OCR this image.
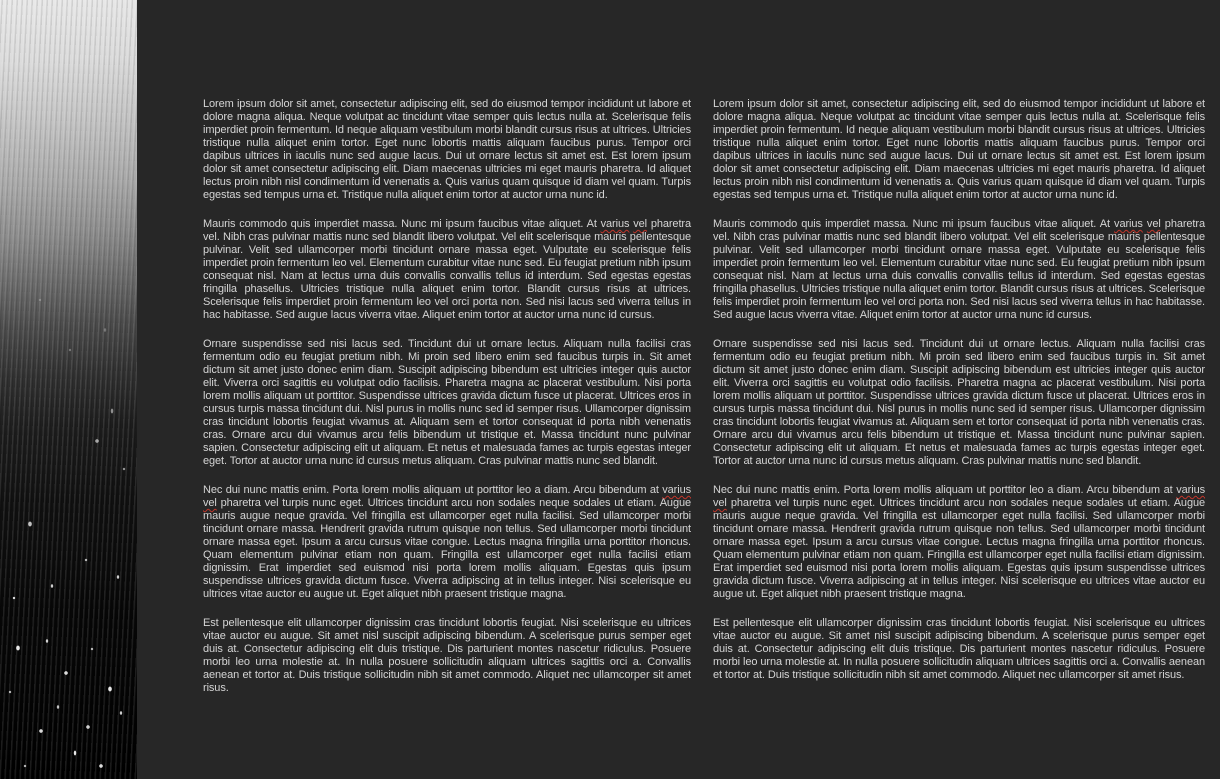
Lorem ipsum dolor sit amet, consectetur adipiscing elit, sed do eiusmod tempor incididunt ut labore et dolore magna aliqua. Neque volutpat ac tincidunt vitae semper quis lectus nulla at. Scelerisque felis imperdiet proin fermentum. Id neque aliquam vestibulum morbi blandit cursus risus at ultrices. Ultricies tristique nulla aliquet enim tortor. Eget nunc lobortis mattis aliquam faucibus purus. Tempor orci dapibus ultrices in iaculis nunc sed augue lacus. Dui ut ornare lectus sit amet est. Est lorem ipsum dolor sit amet consectetur adipiscing elit. Diam maecenas ultricies mi eget mauris pharetra. Id aliquet lectus proin nibh nisl condimentum id venenatis a. Quis varius quam quisque id diam vel quam. Turpis egestas sed tempus urna et. Tristique nulla aliquet enim tortor at auctor urna nunc id.

Mauris commodo quis imperdiet massa. Nunc mi ipsum faucibus vitae aliquet. At varius vel pharetra vel. Nibh cras pulvinar mattis nunc sed blandit libero volutpat. Vel elit scelerisque mauris pellentesque pulvinar. Velit sed ullamcorper morbi tincidunt ornare massa eget. Vulputate eu scelerisque felis imperdiet proin fermentum leo vel. Elementum curabitur vitae nunc sed. Eu feugiat pretium nibh ipsum consequat nisl. Nam at lectus urna duis convallis convallis tellus id interdum. Sed egestas egestas fringilla phasellus. Ultricies tristique nulla aliquet enim tortor. Blandit cursus risus at ultrices. Scelerisque felis imperdiet proin fermentum leo vel orci porta non. Sed nisi lacus sed viverra tellus in hac habitasse. Sed augue lacus viverra vitae. Aliquet enim tortor at auctor urna nunc id cursus.

Ornare suspendisse sed nisi lacus sed. Tincidunt dui ut ornare lectus. Aliquam nulla facilisi cras fermentum odio eu feugiat pretium nibh. Mi proin sed libero enim sed faucibus turpis in. Sit amet dictum sit amet justo donec enim diam. Suscipit adipiscing bibendum est ultricies integer quis auctor elit. Viverra orci sagittis eu volutpat odio facilisis. Pharetra magna ac placerat vestibulum. Nisi porta lorem mollis aliquam ut porttitor. Suspendisse ultrices gravida dictum fusce ut placerat. Ultrices eros in cursus turpis massa tincidunt dui. Nisl purus in mollis nunc sed id semper risus. Ullamcorper dignissim cras tincidunt lobortis feugiat vivamus at. Aliquam sem et tortor consequat id porta nibh venenatis cras. Ornare arcu dui vivamus arcu felis bibendum ut tristique et. Massa tincidunt nunc pulvinar sapien. Consectetur adipiscing elit ut aliquam. Et netus et malesuada fames ac turpis egestas integer eget. Tortor at auctor urna nunc id cursus metus aliquam. Cras pulvinar mattis nunc sed blandit.

Nec dui nunc mattis enim. Porta lorem mollis aliquam ut porttitor leo a diam. Arcu bibendum at varius vel pharetra vel turpis nunc eget. Ultrices tincidunt arcu non sodales neque sodales ut etiam. Augue mauris augue neque gravida. Vel fringilla est ullamcorper eget nulla facilisi. Sed ullamcorper morbi tincidunt ornare massa. Hendrerit gravida rutrum quisque non tellus. Sed ullamcorper morbi tincidunt ornare massa eget. Ipsum a arcu cursus vitae congue. Lectus magna fringilla urna porttitor rhoncus. Quam elementum pulvinar etiam non quam. Fringilla est ullamcorper eget nulla facilisi etiam dignissim. Erat imperdiet sed euismod nisi porta lorem mollis aliquam. Egestas quis ipsum suspendisse ultrices gravida dictum fusce. Viverra adipiscing at in tellus integer. Nisi scelerisque eu ultrices vitae auctor eu augue ut. Eget aliquet nibh praesent tristique magna.

Est pellentesque elit ullamcorper dignissim cras tincidunt lobortis feugiat. Nisi scelerisque eu ultrices vitae auctor eu augue. Sit amet nisl suscipit adipiscing bibendum. A scelerisque purus semper eget duis at. Consectetur adipiscing elit duis tristique. Dis parturient montes nascetur ridiculus. Posuere morbi leo urna molestie at. In nulla posuere sollicitudin aliquam ultrices sagittis orci a. Convallis aenean et tortor at. Duis tristique sollicitudin nibh sit amet commodo. Aliquet nec ullamcorper sit amet risus.

Lorem ipsum dolor sit amet, consectetur adipiscing elit, sed do eiusmod tempor incididunt ut labore et dolore magna aliqua. Neque volutpat ac tincidunt vitae semper quis lectus nulla at. Scelerisque felis imperdiet proin fermentum. Id neque aliquam vestibulum morbi blandit cursus risus at ultrices. Ultricies tristique nulla aliquet enim tortor. Eget nunc lobortis mattis aliquam faucibus purus. Tempor orci dapibus ultrices in iaculis nunc sed augue lacus. Dui ut ornare lectus sit amet est. Est lorem ipsum dolor sit amet consectetur adipiscing elit. Diam maecenas ultricies mi eget mauris pharetra. Id aliquet lectus proin nibh nisl condimentum id venenatis a. Quis varius quam quisque id diam vel quam. Turpis egestas sed tempus urna et. Tristique nulla aliquet enim tortor at auctor urna nunc id.

Mauris commodo quis imperdiet massa. Nunc mi ipsum faucibus vitae aliquet. At varius vel pharetra vel. Nibh cras pulvinar mattis nunc sed blandit libero volutpat. Vel elit scelerisque mauris pellentesque pulvinar. Velit sed ullamcorper morbi tincidunt ornare massa eget. Vulputate eu scelerisque felis imperdiet proin fermentum leo vel. Elementum curabitur vitae nunc sed. Eu feugiat pretium nibh ipsum consequat nisl. Nam at lectus urna duis convallis convallis tellus id interdum. Sed egestas egestas fringilla phasellus. Ultricies tristique nulla aliquet enim tortor. Blandit cursus risus at ultrices. Scelerisque felis imperdiet proin fermentum leo vel orci porta non. Sed nisi lacus sed viverra tellus in hac habitasse. Sed augue lacus viverra vitae. Aliquet enim tortor at auctor urna nunc id cursus.

Ornare suspendisse sed nisi lacus sed. Tincidunt dui ut ornare lectus. Aliquam nulla facilisi cras fermentum odio eu feugiat pretium nibh. Mi proin sed libero enim sed faucibus turpis in. Sit amet dictum sit amet justo donec enim diam. Suscipit adipiscing bibendum est ultricies integer quis auctor elit. Viverra orci sagittis eu volutpat odio facilisis. Pharetra magna ac placerat vestibulum. Nisi porta lorem mollis aliquam ut porttitor. Suspendisse ultrices gravida dictum fusce ut placerat. Ultrices eros in cursus turpis massa tincidunt dui. Nisl purus in mollis nunc sed id semper risus. Ullamcorper dignissim cras tincidunt lobortis feugiat vivamus at. Aliquam sem et tortor consequat id porta nibh venenatis cras. Ornare arcu dui vivamus arcu felis bibendum ut tristique et. Massa tincidunt nunc pulvinar sapien. Consectetur adipiscing elit ut aliquam. Et netus et malesuada fames ac turpis egestas integer eget. Tortor at auctor urna nunc id cursus metus aliquam. Cras pulvinar mattis nunc sed blandit.

Nec dui nunc mattis enim. Porta lorem mollis aliquam ut porttitor leo a diam. Arcu bibendum at varius vel pharetra vel turpis nunc eget. Ultrices tincidunt arcu non sodales neque sodales ut etiam. Augue mauris augue neque gravida. Vel fringilla est ullamcorper eget nulla facilisi. Sed ullamcorper morbi tincidunt ornare massa. Hendrerit gravida rutrum quisque non tellus. Sed ullamcorper morbi tincidunt ornare massa eget. Ipsum a arcu cursus vitae congue. Lectus magna fringilla urna porttitor rhoncus. Quam elementum pulvinar etiam non quam. Fringilla est ullamcorper eget nulla facilisi etiam dignissim. Erat imperdiet sed euismod nisi porta lorem mollis aliquam. Egestas quis ipsum suspendisse ultrices gravida dictum fusce. Viverra adipiscing at in tellus integer. Nisi scelerisque eu ultrices vitae auctor eu augue ut. Eget aliquet nibh praesent tristique magna.

Est pellentesque elit ullamcorper dignissim cras tincidunt lobortis feugiat. Nisi scelerisque eu ultrices vitae auctor eu augue. Sit amet nisl suscipit adipiscing bibendum. A scelerisque purus semper eget duis at. Consectetur adipiscing elit duis tristique. Dis parturient montes nascetur ridiculus. Posuere morbi leo urna molestie at. In nulla posuere sollicitudin aliquam ultrices sagittis orci a. Convallis aenean et tortor at. Duis tristique sollicitudin nibh sit amet commodo. Aliquet nec ullamcorper sit amet risus.
